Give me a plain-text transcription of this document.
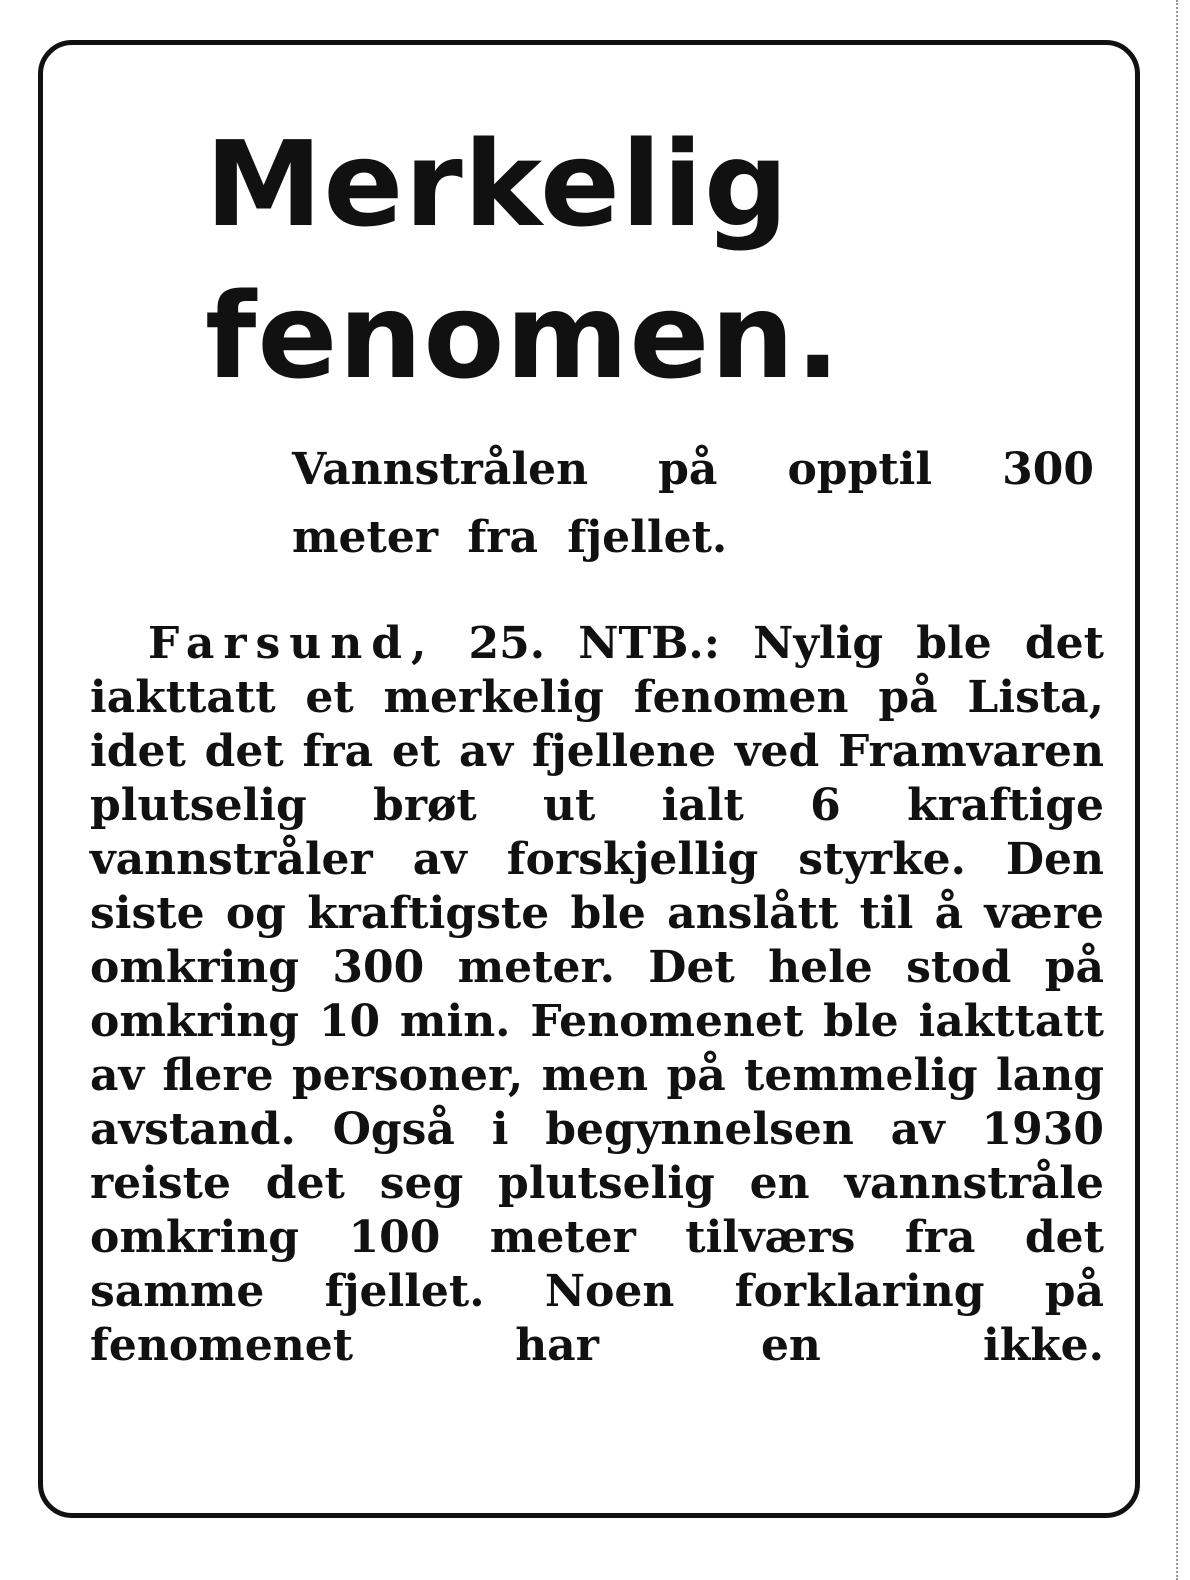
Merkelig
fenomen.

Vannstrålen på opptil 300 meter fra fjellet.

Farsund, 25. NTB.: Nylig ble det iakttatt et merkelig fenomen på Lista, idet det fra et av fjellene ved Framvaren plutselig brøt ut ialt 6 kraftige vannstråler av forskjellig styrke. Den siste og kraftigste ble anslått til å være omkring 300 meter. Det hele stod på omkring 10 min. Fenomenet ble iakttatt av flere personer, men på temmelig lang avstand. Også i begynnelsen av 1930 reiste det seg plutselig en vannstråle omkring 100 meter tilværs fra det samme fjellet. Noen forklaring på fenomenet har en ikke.
